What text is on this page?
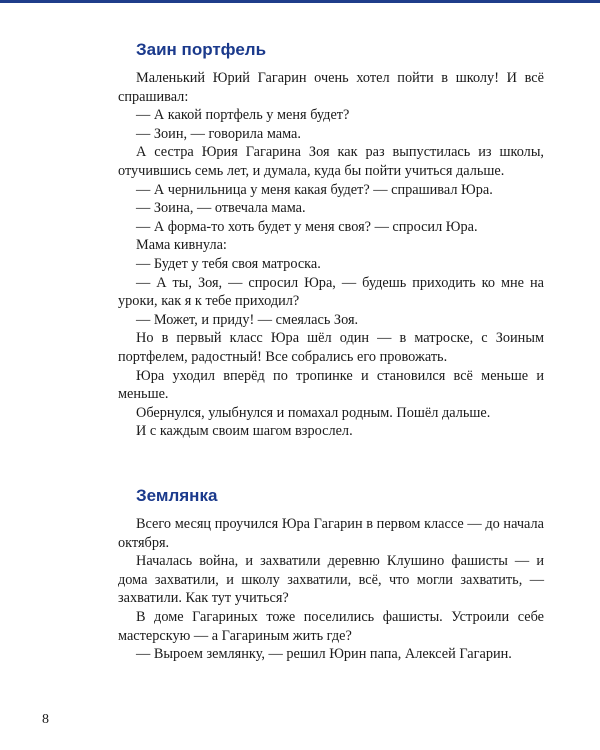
Заин портфель

Маленький Юрий Гагарин очень хотел пойти в школу! И всё спрашивал:

— А какой портфель у меня будет?

— Зоин, — говорила мама.

А сестра Юрия Гагарина Зоя как раз выпустилась из школы, отучившись семь лет, и думала, куда бы пойти учиться дальше.

— А чернильница у меня какая будет? — спрашивал Юра.

— Зоина, — отвечала мама.

— А форма-то хоть будет у меня своя? — спросил Юра.

Мама кивнула:

— Будет у тебя своя матроска.

— А ты, Зоя, — спросил Юра, — будешь приходить ко мне на уроки, как я к тебе приходил?

— Может, и приду! — смеялась Зоя.

Но в первый класс Юра шёл один — в матроске, с Зоиным портфелем, радостный! Все собрались его провожать.

Юра уходил вперёд по тропинке и становился всё меньше и меньше.

Обернулся, улыбнулся и помахал родным. Пошёл дальше.

И с каждым своим шагом взрослел.

Землянка

Всего месяц проучился Юра Гагарин в первом классе — до начала октября.

Началась война, и захватили деревню Клушино фашисты — и дома захватили, и школу захватили, всё, что могли захватить, — захватили. Как тут учиться?

В доме Гагариных тоже поселились фашисты. Устроили себе мастерскую — а Гагариным жить где?

— Выроем землянку, — решил Юрин папа, Алексей Гагарин.

8
